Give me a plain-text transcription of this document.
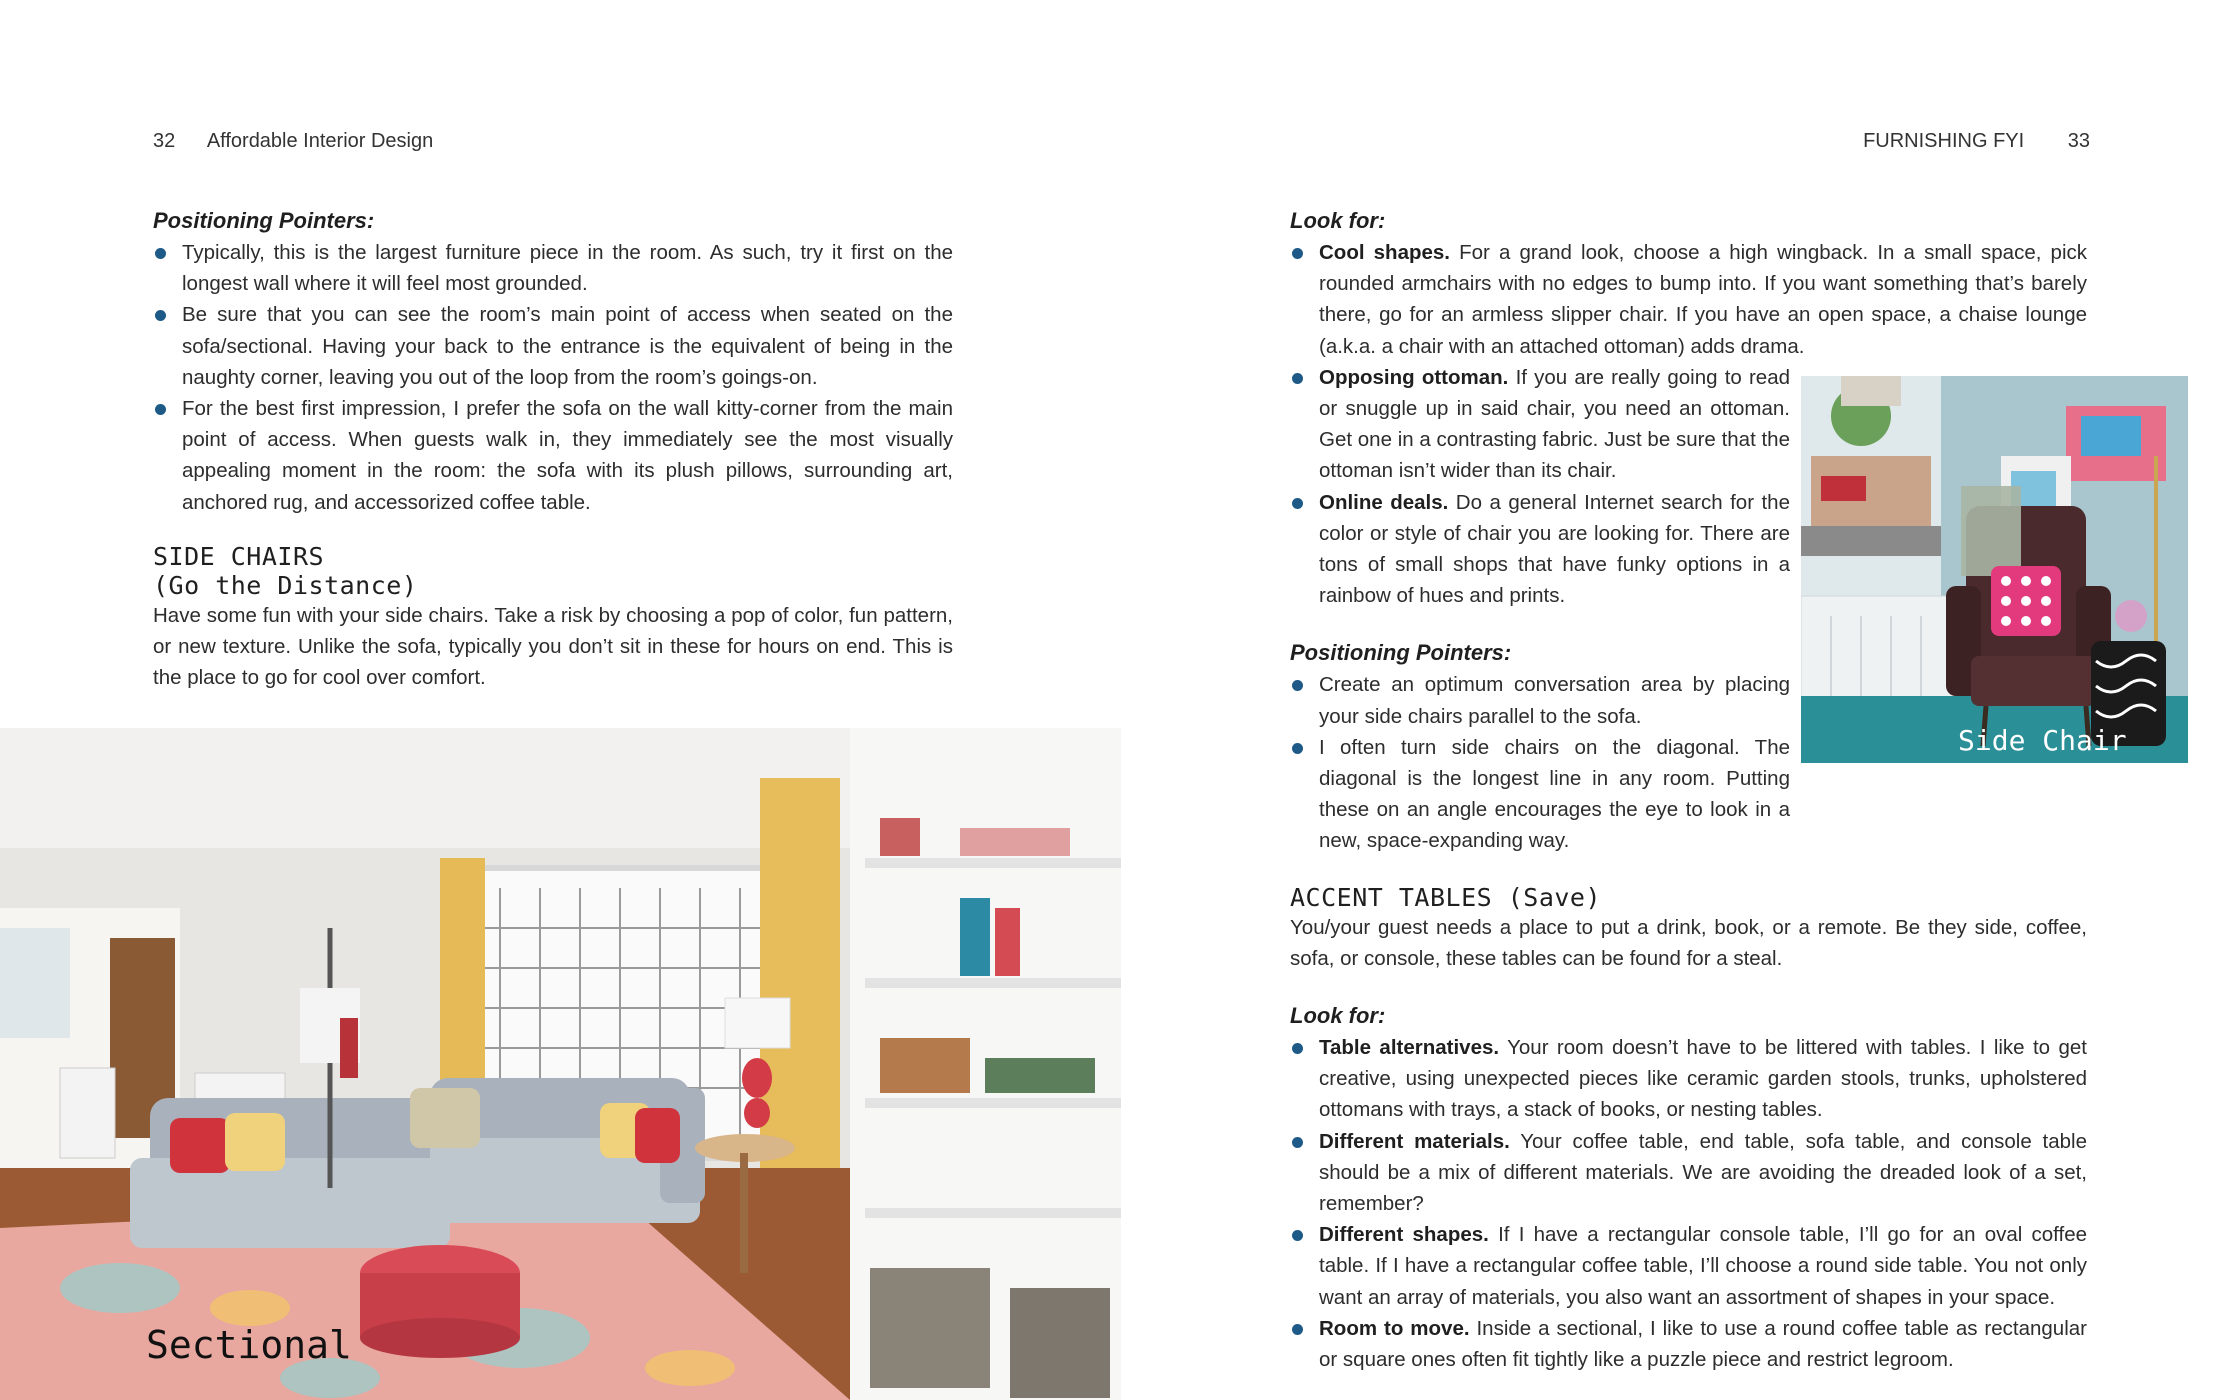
32 Affordable Interior Design	FURNISHING FYI 33
Positioning Pointers:
Typically, this is the largest furniture piece in the room. As such, try it first on the longest wall where it will feel most grounded.
Be sure that you can see the room’s main point of access when seated on the sofa/sectional. Having your back to the entrance is the equivalent of being in the naughty corner, leaving you out of the loop from the room’s goings-on.
For the best first impression, I prefer the sofa on the wall kitty-corner from the main point of access. When guests walk in, they immediately see the most visually appealing moment in the room: the sofa with its plush pillows, surrounding art, anchored rug, and accessorized coffee table.
SIDE CHAIRS
(Go the Distance)

Have some fun with your side chairs. Take a risk by choosing a pop of color, fun pattern, or new texture. Unlike the sofa, typically you don’t sit in these for hours on end. This is the place to go for cool over comfort.

Sectional
Look for:
Cool shapes. For a grand look, choose a high wingback. In a small space, pick rounded armchairs with no edges to bump into. If you want something that’s barely there, go for an armless slipper chair. If you have an open space, a chaise lounge (a.k.a. a chair with an attached ottoman) adds drama.
Opposing ottoman. If you are really going to read or snuggle up in said chair, you need an ottoman. Get one in a contrasting fabric. Just be sure that the ottoman isn’t wider than its chair.
Online deals. Do a general Internet search for the color or style of chair you are looking for. There are tons of small shops that have funky options in a rainbow of hues and prints.
Positioning Pointers:
Create an optimum conversation area by placing your side chairs parallel to the sofa.
I often turn side chairs on the diagonal. The diagonal is the longest line in any room. Putting these on an angle encourages the eye to look in a new, space-expanding way.
ACCENT TABLES (Save)

You/your guest needs a place to put a drink, book, or a remote. Be they side, coffee, sofa, or console, these tables can be found for a steal.

Look for:
Table alternatives. Your room doesn’t have to be littered with tables. I like to get creative, using unexpected pieces like ceramic garden stools, trunks, upholstered ottomans with trays, a stack of books, or nesting tables.
Different materials. Your coffee table, end table, sofa table, and console table should be a mix of different materials. We are avoiding the dreaded look of a set, remember?
Different shapes. If I have a rectangular console table, I’ll go for an oval coffee table. If I have a rectangular coffee table, I’ll choose a round side table. You not only want an array of materials, you also want an assortment of shapes in your space.
Room to move. Inside a sectional, I like to use a round coffee table as rectangular or square ones often fit tightly like a puzzle piece and restrict legroom.
Side Chair
